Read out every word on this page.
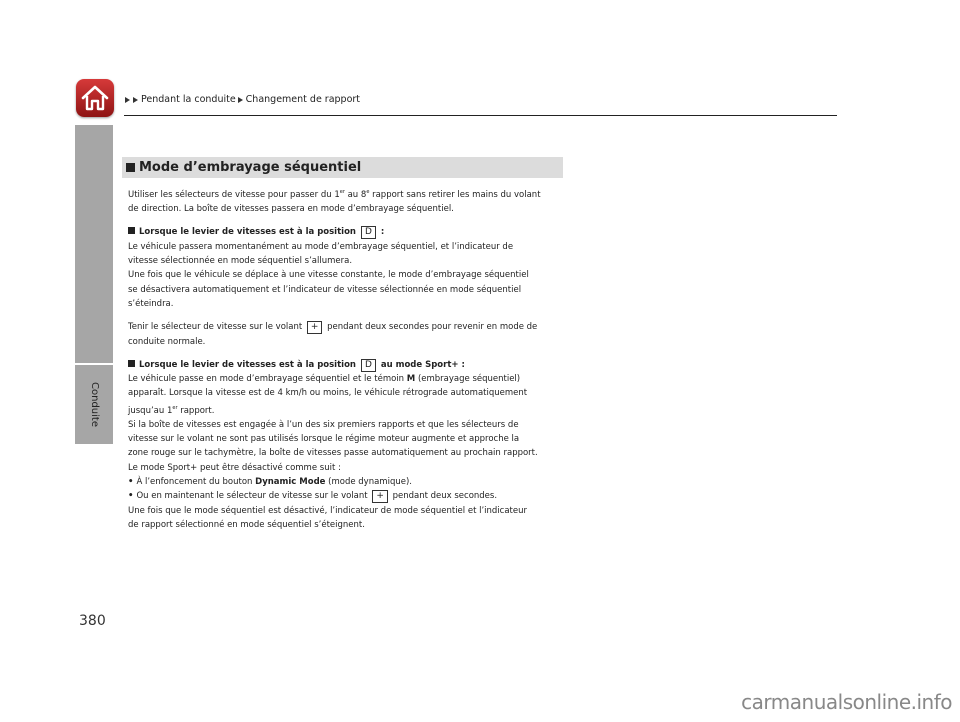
Pendant la conduite Changement de rapport
Conduite
Mode d’embrayage séquentiel
Utiliser les sélecteurs de vitesse pour passer du 1er au 8e rapport sans retirer les mains du volant
de direction. La boîte de vitesses passera en mode d’embrayage séquentiel.
Lorsque le levier de vitesses est à la position D :
Le véhicule passera momentanément au mode d’embrayage séquentiel, et l’indicateur de
vitesse sélectionnée en mode séquentiel s’allumera.
Une fois que le véhicule se déplace à une vitesse constante, le mode d’embrayage séquentiel
se désactivera automatiquement et l’indicateur de vitesse sélectionnée en mode séquentiel
s’éteindra.
Tenir le sélecteur de vitesse sur le volant + pendant deux secondes pour revenir en mode de
conduite normale.
Lorsque le levier de vitesses est à la position D au mode Sport+ :
Le véhicule passe en mode d’embrayage séquentiel et le témoin M (embrayage séquentiel)
apparaît. Lorsque la vitesse est de 4 km/h ou moins, le véhicule rétrograde automatiquement
jusqu’au 1er rapport.
Si la boîte de vitesses est engagée à l’un des six premiers rapports et que les sélecteurs de
vitesse sur le volant ne sont pas utilisés lorsque le régime moteur augmente et approche la
zone rouge sur le tachymètre, la boîte de vitesses passe automatiquement au prochain rapport.
Le mode Sport+ peut être désactivé comme suit :
• À l’enfoncement du bouton Dynamic Mode (mode dynamique).
• Ou en maintenant le sélecteur de vitesse sur le volant + pendant deux secondes.
Une fois que le mode séquentiel est désactivé, l’indicateur de mode séquentiel et l’indicateur
de rapport sélectionné en mode séquentiel s’éteignent.
380
carmanualsonline.info
